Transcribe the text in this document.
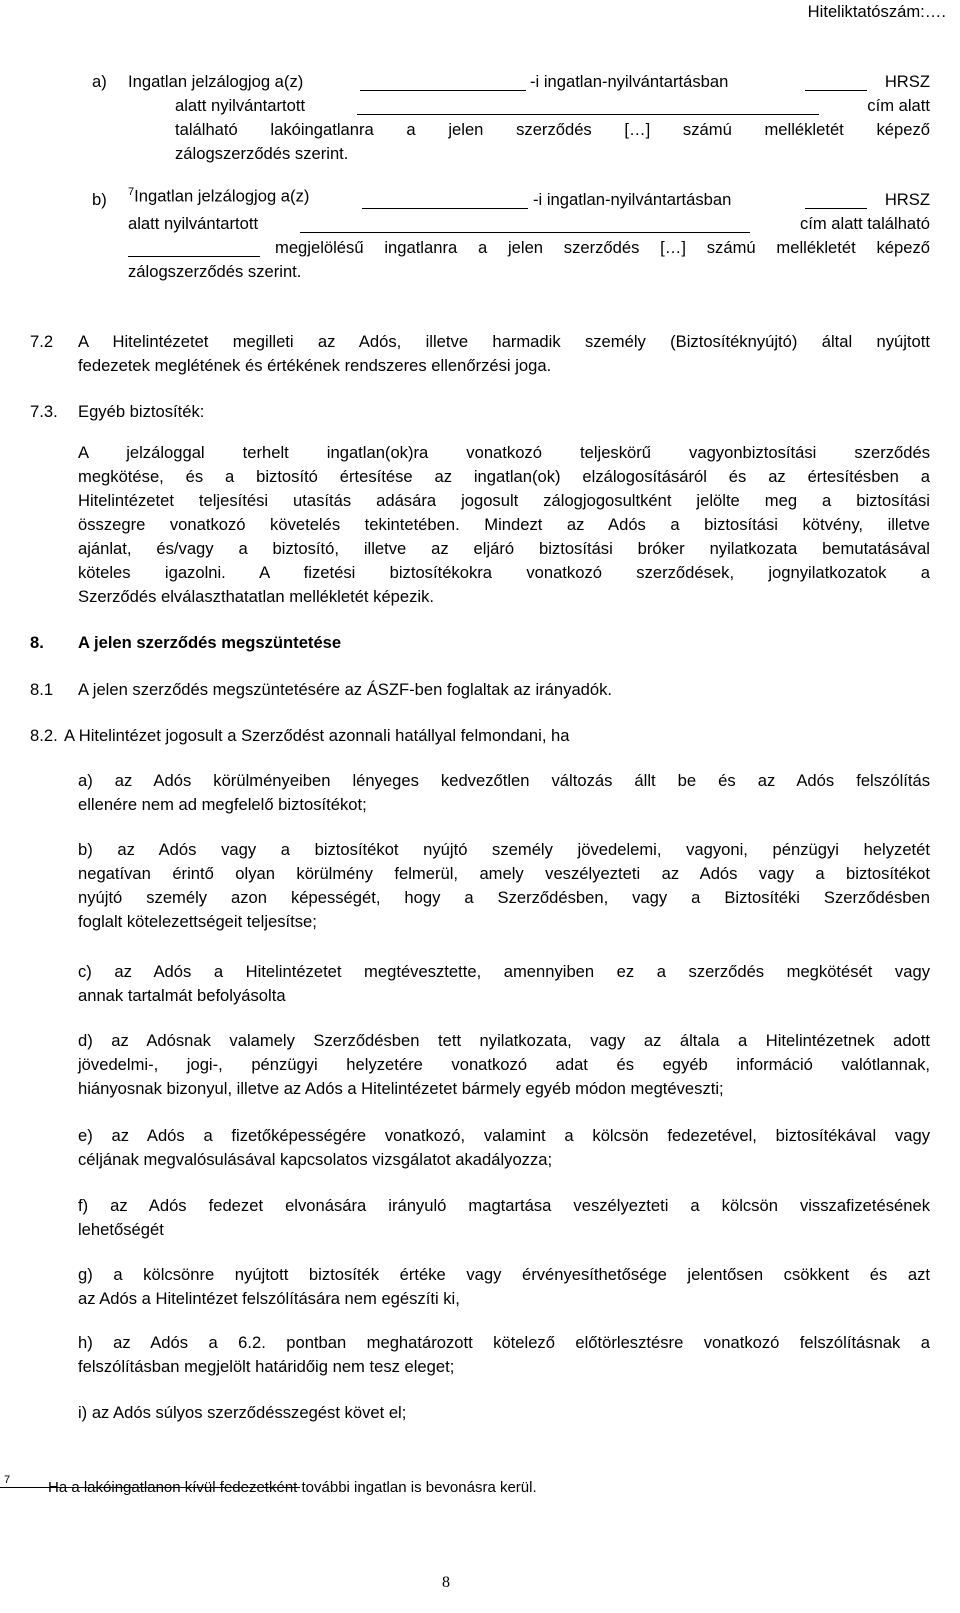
Hiteliktatószám:….
a) Ingatlan jelzálogjog a(z)	-i ingatlan-nyilvántartásban	HRSZ
alatt nyilvántartott	cím alatt
található lakóingatlanra a jelen szerződés […] számú mellékletét képező
zálogszerződés szerint.
b) $^7$Ingatlan jelzálogjog a(z)	-i ingatlan-nyilvántartásban	HRSZ
alatt nyilvántartott	cím alatt található
megjelölésű ingatlanra a jelen szerződés […] számú mellékletét képező
zálogszerződés szerint.
7.2 A Hitelintézetet megilleti az Adós, illetve harmadik személy (Biztosítéknyújtó) által nyújtott
fedezetek meglétének és értékének rendszeres ellenőrzési joga.
7.3. Egyéb biztosíték:
A jelzáloggal terhelt ingatlan(ok)ra vonatkozó teljeskörű vagyonbiztosítási szerződés
megkötése, és a biztosító értesítése az ingatlan(ok) elzálogosításáról és az értesítésben a
Hitelintézetet teljesítési utasítás adására jogosult zálogjogosultként jelölte meg a biztosítási
összegre vonatkozó követelés tekintetében. Mindezt az Adós a biztosítási kötvény, illetve
ajánlat, és/vagy a biztosító, illetve az eljáró biztosítási bróker nyilatkozata bemutatásával
köteles igazolni. A fizetési biztosítékokra vonatkozó szerződések, jognyilatkozatok a
Szerződés elválaszthatatlan mellékletét képezik.
8. A jelen szerződés megszüntetése
8.1 A jelen szerződés megszüntetésére az ÁSZF-ben foglaltak az irányadók.
8.2. A Hitelintézet jogosult a Szerződést azonnali hatállyal felmondani, ha
a) az Adós körülményeiben lényeges kedvezőtlen változás állt be és az Adós felszólítás
ellenére nem ad megfelelő biztosítékot;
b) az Adós vagy a biztosítékot nyújtó személy jövedelemi, vagyoni, pénzügyi helyzetét
negatívan érintő olyan körülmény felmerül, amely veszélyezteti az Adós vagy a biztosítékot
nyújtó személy azon képességét, hogy a Szerződésben, vagy a Biztosítéki Szerződésben
foglalt kötelezettségeit teljesítse;
c) az Adós a Hitelintézetet megtévesztette, amennyiben ez a szerződés megkötését vagy
annak tartalmát befolyásolta
d) az Adósnak valamely Szerződésben tett nyilatkozata, vagy az általa a Hitelintézetnek adott
jövedelmi-, jogi-, pénzügyi helyzetére vonatkozó adat és egyéb információ valótlannak,
hiányosnak bizonyul, illetve az Adós a Hitelintézetet bármely egyéb módon megtéveszti;
e) az Adós a fizetőképességére vonatkozó, valamint a kölcsön fedezetével, biztosítékával vagy
céljának megvalósulásával kapcsolatos vizsgálatot akadályozza;
f) az Adós fedezet elvonására irányuló magtartása veszélyezteti a kölcsön visszafizetésének
lehetőségét
g) a kölcsönre nyújtott biztosíték értéke vagy érvényesíthetősége jelentősen csökkent és azt
az Adós a Hitelintézet felszólítására nem egészíti ki,
h) az Adós a 6.2. pontban meghatározott kötelező előtörlesztésre vonatkozó felszólításnak a
felszólításban megjelölt határidőig nem tesz eleget;
i) az Adós súlyos szerződésszegést követ el;
7	Ha a lakóingatlanon kívül fedezetként további ingatlan is bevonásra kerül.
8
